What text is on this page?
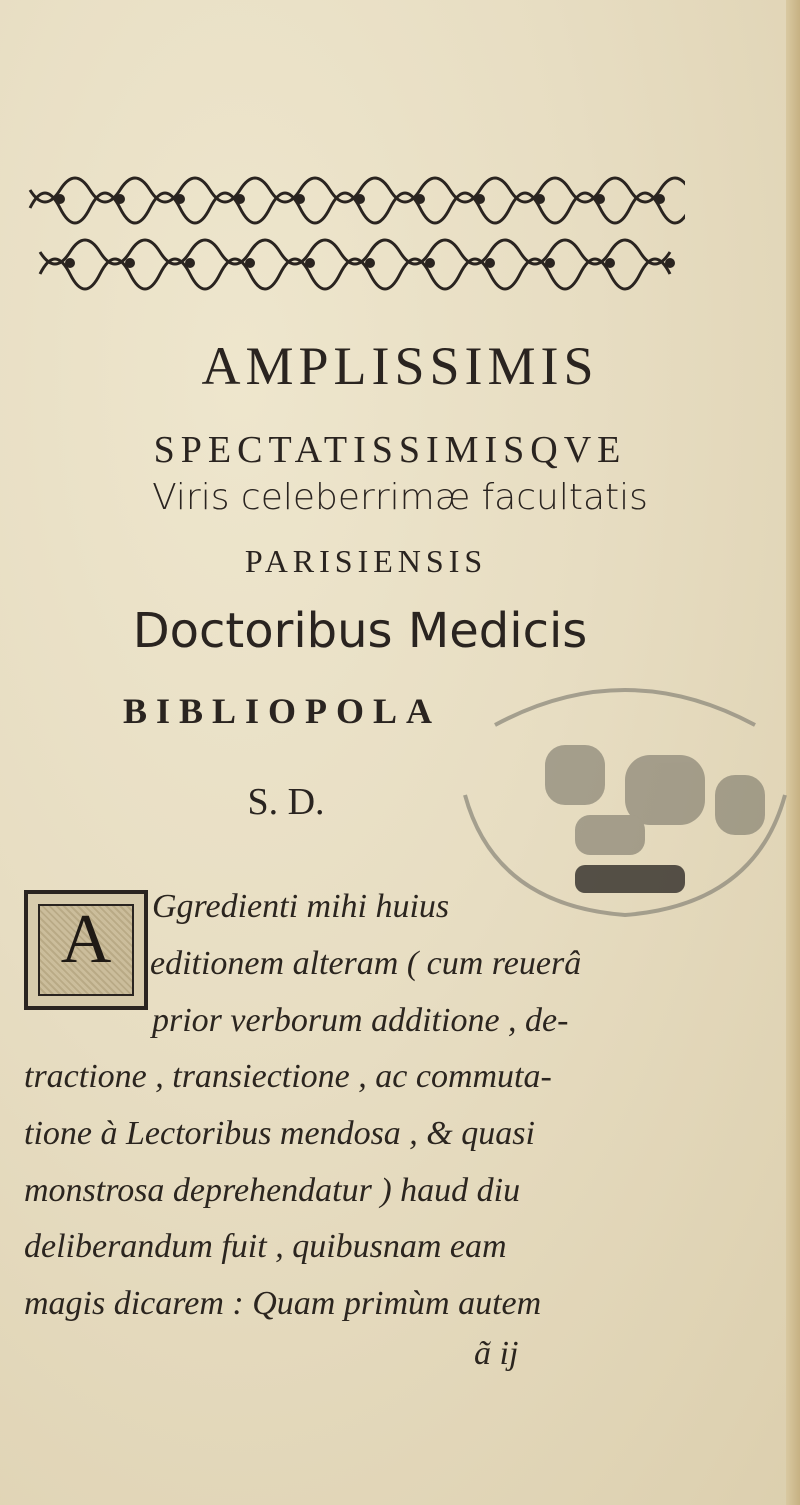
AMPLISSIMIS
SPECTATISSIMISQVE
Viris celeberrimæ facultatis
PARISIENSIS
Doctoribus Medicis
BIBLIOPOLA
S. D.
A	Ggredienti mihi huius
editionem alteram ( cum reuerâ
prior verborum additione , de-
tractione , transiectione , ac commuta-
tione à Lectoribus mendosa , & quasi
monstrosa deprehendatur ) haud diu
deliberandum fuit , quibusnam eam
magis dicarem : Quam primùm autem
ã ij
